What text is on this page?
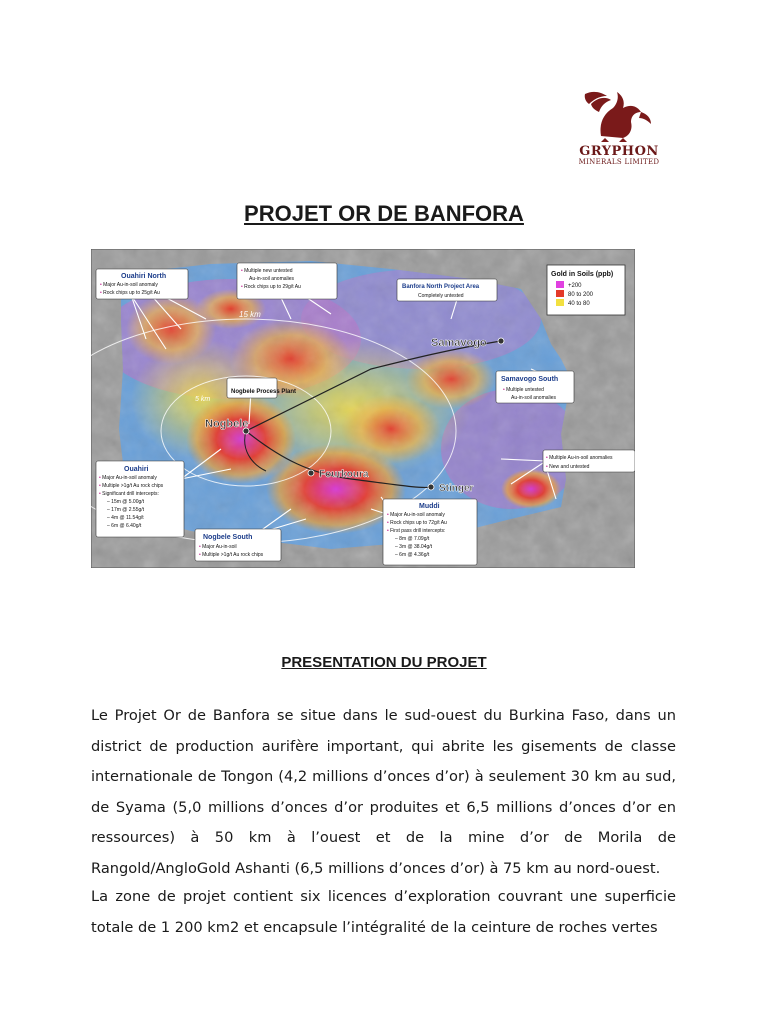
GRYPHON
MINERALS LIMITED
PROJET OR DE BANFORA
15 km
5 km
Samavogo
Nogbele
Fourkoura
Stinger
Gold in Soils (ppb)
+200
80 to 200
40 to 80
Ouahiri North
• Major Au-in-soil anomaly
• Rock chips up to 25g/t Au
• Multiple new untested
• Rock chips up to 29g/t Au
Au-in-soil anomalies
Banfora North Project Area
Completely untested
Nogbele Process Plant
Samavogo South
• Multiple untested
Au-in-soil anomalies
• Multiple Au-in-soil anomalies
• New and untested
Ouahiri
• Major Au-in-soil anomaly
• Multiple >1g/t Au rock chips
• Significant drill intercepts:
– 15m @ 5.00g/t
– 17m @ 2.55g/t
– 4m @ 11.54g/t
– 6m @ 6.40g/t
Nogbele South
• Major Au-in-soil
• Multiple >1g/t Au rock chips
Muddi
• Major Au-in-soil anomaly
• Rock chips up to 72g/t Au
• First pass drill intercepts:
– 8m @ 7.09g/t
– 3m @ 38.04g/t
– 6m @ 4.36g/t
PRESENTATION DU PROJET

Le Projet Or de Banfora se situe dans le sud-ouest du Burkina Faso, dans un district de production aurifère important, qui abrite les gisements de classe internationale de Tongon (4,2 millions d’onces d’or) à seulement 30 km au sud, de Syama (5,0 millions d’onces d’or produites et 6,5 millions d’onces d’or en ressources) à 50 km à l’ouest et de la mine d’or de Morila de Rangold/AngloGold Ashanti (6,5 millions d’onces d’or) à 75 km au nord-ouest.

La zone de projet contient six licences d’exploration couvrant une superficie totale de 1 200 km2 et encapsule l’intégralité de la ceinture de roches vertes
